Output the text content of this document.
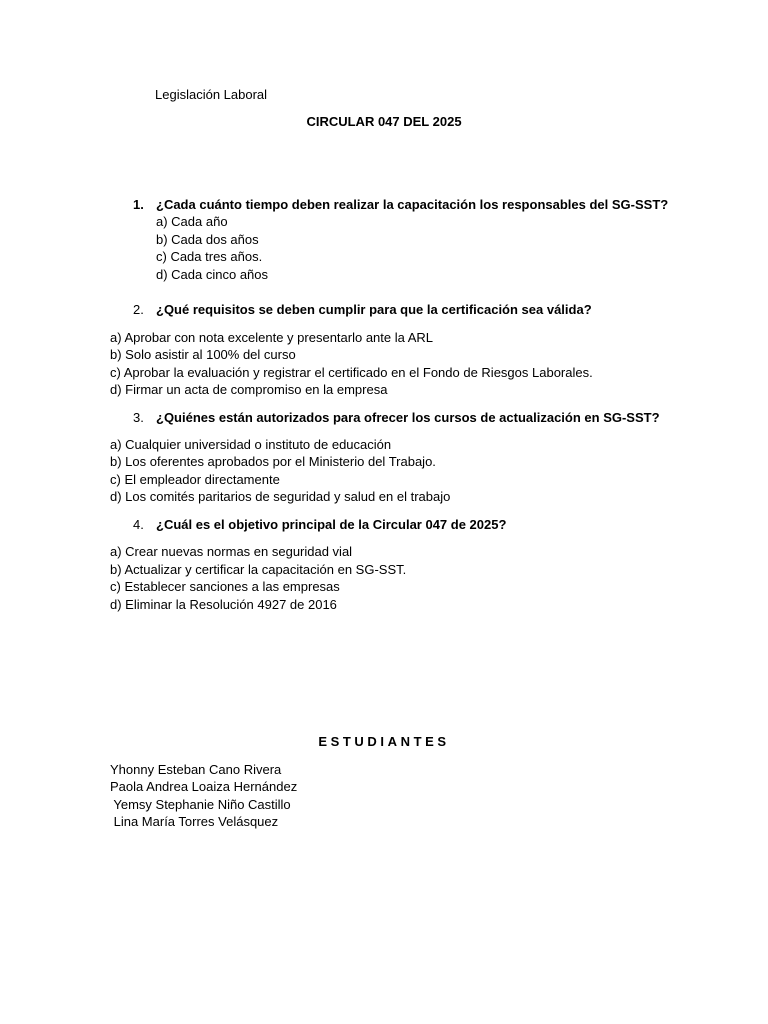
Legislación Laboral
CIRCULAR 047 DEL 2025
1. ¿Cada cuánto tiempo deben realizar la capacitación los responsables del SG-SST?
a) Cada año
b) Cada dos años
c) Cada tres años.
d) Cada cinco años
2. ¿Qué requisitos se deben cumplir para que la certificación sea válida?
a) Aprobar con nota excelente y presentarlo ante la ARL
b) Solo asistir al 100% del curso
c) Aprobar la evaluación y registrar el certificado en el Fondo de Riesgos Laborales.
d) Firmar un acta de compromiso en la empresa
3. ¿Quiénes están autorizados para ofrecer los cursos de actualización en SG-SST?
a) Cualquier universidad o instituto de educación
b) Los oferentes aprobados por el Ministerio del Trabajo.
c) El empleador directamente
d) Los comités paritarios de seguridad y salud en el trabajo
4. ¿Cuál es el objetivo principal de la Circular 047 de 2025?
a) Crear nuevas normas en seguridad vial
b) Actualizar y certificar la capacitación en SG-SST.
c) Establecer sanciones a las empresas
d) Eliminar la Resolución 4927 de 2016
ESTUDIANTES
Yhonny Esteban Cano Rivera
Paola Andrea Loaiza Hernández
Yemsy Stephanie Niño Castillo
Lina María Torres Velásquez
